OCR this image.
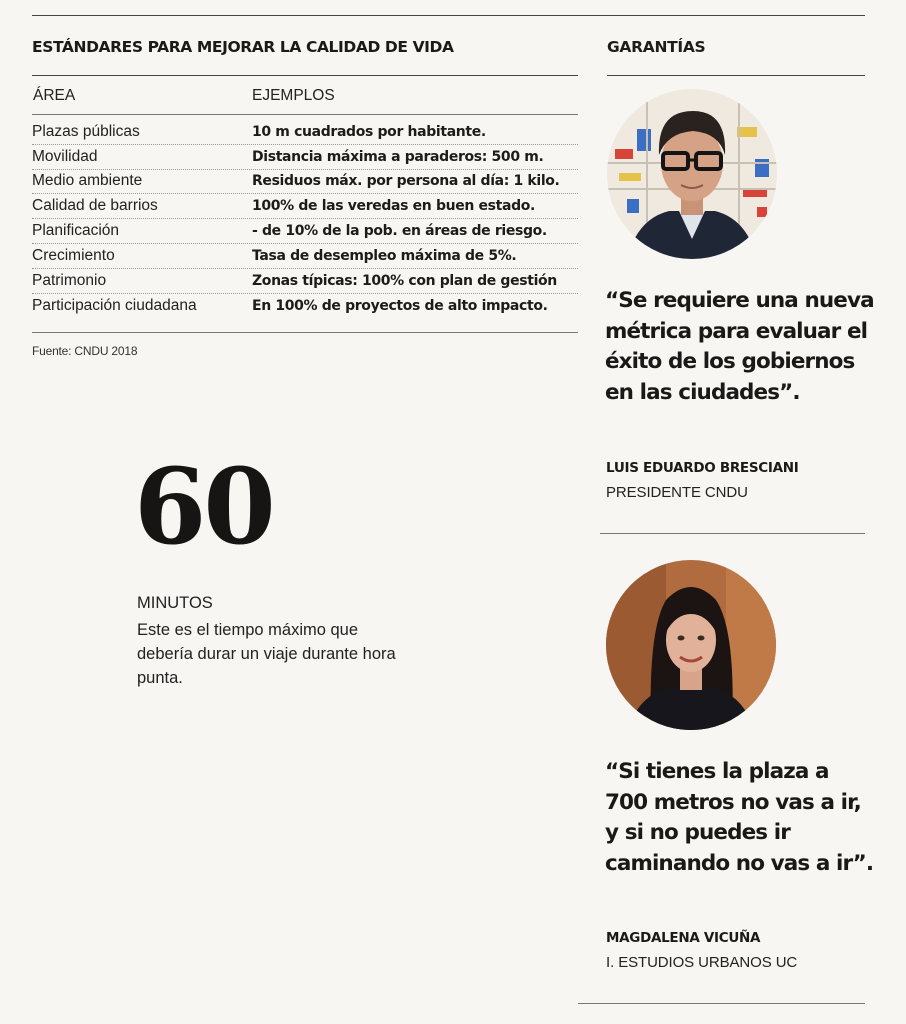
ESTÁNDARES PARA MEJORAR LA CALIDAD DE VIDA
ÁREA	EJEMPLOS
Plazas públicas	10 m cuadrados por habitante.
Movilidad	Distancia máxima a paraderos: 500 m.
Medio ambiente	Residuos máx. por persona al día: 1 kilo.
Calidad de barrios	100% de las veredas en buen estado.
Planificación	- de 10% de la pob. en áreas de riesgo.
Crecimiento	Tasa de desempleo máxima de 5%.
Patrimonio	Zonas típicas: 100% con plan de gestión
Participación ciudadana	En 100% de proyectos de alto impacto.
Fuente: CNDU 2018
60
MINUTOS
Este es el tiempo máximo que debería durar un viaje durante hora punta.
GARANTÍAS
“Se requiere una nueva métrica para evaluar el éxito de los gobiernos en las ciudades”.
LUIS EDUARDO BRESCIANI
PRESIDENTE CNDU
“Si tienes la plaza a 700 metros no vas a ir, y si no puedes ir caminando no vas a ir”.
MAGDALENA VICUÑA
I. ESTUDIOS URBANOS UC
